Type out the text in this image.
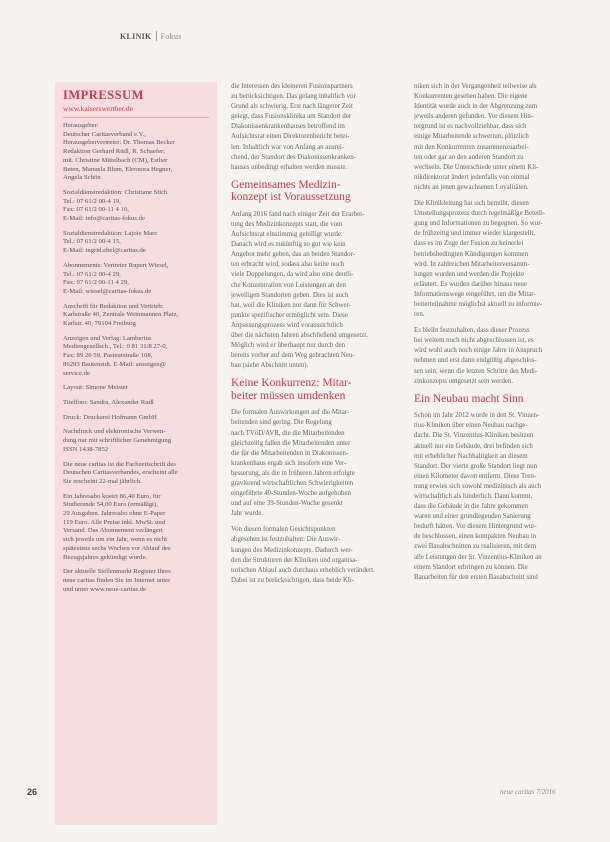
KLINIK Fokus
IMPRESSUM
www.kaiserswerther.de

Herausgeber:
Deutscher Caritasverband e.V.,
Herausgebervertreter: Dr. Thomas Becker
Redaktion Gerhard Rüdl, R. Schaefer;
mit. Christine Mittelbach (CM), Esther
Beten, Manuela Blum, Eleonora Hegner,
Angela Schön

Sozialdienstredaktion: Christiane Stich
Tel.: 07 61/2 00-4 19,
Fax: 07 61/2 00-11 4 10,
E-Mail: info@caritas-fokus.de

Sozialdienstredaktion: Lajoie Marc
Tel.: 07 61/2 00-4 15,
E-Mail: ingrid.ebel@caritas.de

Abonnements: Vertreter Rupert Wiesel,
Tel.: 07 61/2 00-4 29,
Fax: 07 61/2 00-11 4 29,
E-Mail: wiesel@caritas-fokus.de

Anschrift für Redaktion und Vertrieb:
Karlstraße 40, Zentrale Weinmannen Platz,
Karlstr. 40, 79104 Freiburg

Anzeigen und Verlag: Lambertus
Mediengesellsch., Tel.: 0 81 31/8 27-0,
Fax: 89 20 59, Pasteurstraße 108,
86293 Bautenstdt. E-Mail: anzeigen@
service.de

Layout: Simone Meister

Titelfoto: Sandra, Alexander Rudl

Druck: Druckerei Hofmann GmbH

Nachdruck und elektronische Verwen-
dung nur mit schriftlicher Genehmigung
ISSN 1438-7852

Die neue caritas ist die Fachzeitschrift des
Deutschen Caritasverbandes, erscheint alle
Sie erscheint 22-mal jährlich.

Ein Jahresabo kostet 86,40 Euro, für
Studierende 54,00 Euro (ermäßigt),
29 Ausgaben. Jahresabo ohne E-Paper
119 Euro. Alle Preise inkl. MwSt. und
Versand. Das Abonnement verlängert
sich jeweils um ein Jahr, wenn es nicht
spätestens sechs Wochen vor Ablauf des
Bezugsjahres gekündigt wurde.

Der aktuelle Stellenmarkt Register Ihres
neue caritas finden Sie im Internet unter
und unter www.neue-caritas.de

die Interessen des kleineren Fusionspartners
zu berücksichtigen. Das gelang inhaltlich vor
Grund als schwierig. Erst nach längerer Zeit
gelegt, dass Fusionsklinika am Standort der
Diakonissenkrankenhauses betroffend im
Aufsichtsrat einen Direktorenbericht betei-
len. Inhaltlich war von Anfang an ausrei-
chend, der Standort des Diakonissenkranken-
hauses unbedingt erhalten werden musste.

Gemeinsames Medizin-
konzept ist Voraussetzung

Anfang 2016 fand nach einiger Zeit der Erarbei-
tung des Medizinkonzepts statt, die vom
Aufsichtsrat einstimmig gebilligt wurde.
Danach wird es zukünftig so gut wie kein
Angebot mehr geben, das an beiden Standor-
ten erbracht wird, sodass also keine noch
viele Doppelungen, da wird also eine deutli-
che Konzentration von Leistungen an den
jeweiligen Standorten geben. Dies ist auch
hat, weil die Kliniken nur dann für Schwer-
punkte spezifischer ermöglicht sein. Diese
Anpassungsprozess wird voraussichtlich
über die nächsten Jahren abschließend umgesetzt.
Möglich wird er überhaupt nur durch den
bereits vorher auf dem Weg gebrachten Neu-
bau (siehe Abschnitt unten).

Keine Konkurrenz: Mitar-
beiter müssen umdenken

Die formalen Auswirkungen auf die Mitar-
beitenden sind gering. Die Regelung
nach TVöD/AVR, die die Mitarbeitenden
gleichzeitig fallen die Mitarbeitenden unter
die für die Mitarbeitenden in Diakonissen-
krankenhaus ergab sich insofern eine Ver-
besserung, als die in früheren Jahren erfolgte
gravierend wirtschaftlichen Schwierigkeiten
eingeführte 40-Stunden-Woche aufgehoben
und auf eine 39-Stunden-Woche gesenkt
Jahr wurde.

Von diesen formalen Gesichtspunkten
abgesehen ist festzuhalten: Die Auswir-
kungen des Medizinkonzepts. Dadurch wer-
den die Strukturen der Kliniken und organisa-
torischen Ablauf auch durchaus erheblich verändert.
Dabei ist zu berücksichtigen, dass beide Kli-

niken sich in der Vergangenheit teilweise als
Konkurrenten gesehen haben. Die eigene
Identität wurde auch in der Abgrenzung zum
jeweils anderen gefunden. Vor diesem Hin-
tergrund ist es nachvollziehbar, dass sich
einige Mitarbeitende schwertun, plötzlich
mit den Konkurrenten zusammenzuarbei-
ten oder gar an den anderen Standort zu
wechseln. Die Unterschiede unter einem Kli-
nikdirektorat ändert jedenfalls von einmal
nichts an jenen gewachsenen Loyalitäten.

Die Klinikleitung hat sich bemüht, diesen
Umstellungsprozess durch regelmäßige Beteili-
gung und Informationen zu begegnen. So wur-
de frühzeitig und immer wieder klargestellt,
dass es im Zuge der Fusion zu keinerlei
betriebsbedingten Kündigungen kommen
wird. In zahlreichen Mitarbeiterversamm-
lungen wurden und werden die Projekte
erläutert. Es wurden darüber hinaus neue
Informationswege eingeführt, um die Mitar-
beiterteilnahme möglichst aktuell zu informie-
ren.

Es bleibt festzuhalten, dass dieser Prozess
bei weitem noch nicht abgeschlossen ist, es
wird wohl auch noch einige Jahre in Anspruch
nehmen und erst dann endgültig abgeschlos-
sen sein, wenn die letzten Schritte des Medi-
zinkonzepts umgesetzt sein werden.

Ein Neubau macht Sinn

Schon im Jahr 2012 wurde in den St. Vinzen-
tius-Kliniken über einen Neubau nachge-
dacht. Die St. Vinzentius-Kliniken besitzen
aktuell nur ein Gebäude, drei befinden sich
mit erheblicher Nachhaltigkeit an diesem
Standort. Der vierte große Standort liegt nun
einen Kilometer davon entfernt. Diese Tren-
nung erwies sich sowohl medizinisch als auch
wirtschaftlich als hinderlich. Dann kommt,
dass die Gebäude in die Jahre gekommen
waren und einer grundlegenden Sanierung
bedurft hätten. Vor diesem Hintergrund wur-
de beschlossen, einen kompakten Neubau in
zwei Bauabschnitten zu realisieren, mit dem
alle Leistungen der St. Vinzentius-Kliniken an
einem Standort erbringen zu können. Die
Bauarbeiten für den ersten Bauabschnitt sind

26	neue caritas 7/2016
